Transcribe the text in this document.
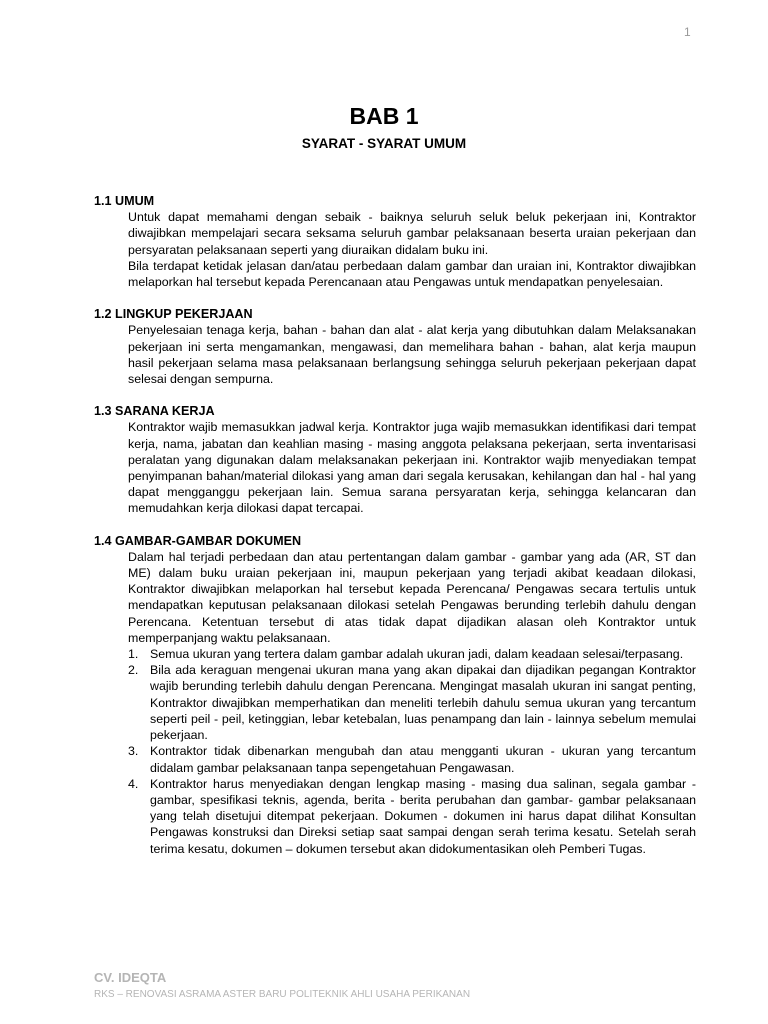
1
BAB 1
SYARAT - SYARAT UMUM
1.1 UMUM

Untuk dapat memahami dengan sebaik - baiknya seluruh seluk beluk pekerjaan ini, Kontraktor diwajibkan mempelajari secara seksama seluruh gambar pelaksanaan beserta uraian pekerjaan dan persyaratan pelaksanaan seperti yang diuraikan didalam buku ini.

Bila terdapat ketidak jelasan dan/atau perbedaan dalam gambar dan uraian ini, Kontraktor diwajibkan melaporkan hal tersebut kepada Perencanaan atau Pengawas untuk mendapatkan penyelesaian.

1.2 LINGKUP PEKERJAAN

Penyelesaian tenaga kerja, bahan - bahan dan alat - alat kerja yang dibutuhkan dalam Melaksanakan pekerjaan ini serta mengamankan, mengawasi, dan memelihara bahan - bahan, alat kerja maupun hasil pekerjaan selama masa pelaksanaan berlangsung sehingga seluruh pekerjaan pekerjaan dapat selesai dengan sempurna.

1.3 SARANA KERJA

Kontraktor wajib memasukkan jadwal kerja. Kontraktor juga wajib memasukkan identifikasi dari tempat kerja, nama, jabatan dan keahlian masing - masing anggota pelaksana pekerjaan, serta inventarisasi peralatan yang digunakan dalam melaksanakan pekerjaan ini. Kontraktor wajib menyediakan tempat penyimpanan bahan/material dilokasi yang aman dari segala kerusakan, kehilangan dan hal - hal yang dapat mengganggu pekerjaan lain. Semua sarana persyaratan kerja, sehingga kelancaran dan memudahkan kerja dilokasi dapat tercapai.

1.4 GAMBAR-GAMBAR DOKUMEN

Dalam hal terjadi perbedaan dan atau pertentangan dalam gambar - gambar yang ada (AR, ST dan ME) dalam buku uraian pekerjaan ini, maupun pekerjaan yang terjadi akibat keadaan dilokasi, Kontraktor diwajibkan melaporkan hal tersebut kepada Perencana/ Pengawas secara tertulis untuk mendapatkan keputusan pelaksanaan dilokasi setelah Pengawas berunding terlebih dahulu dengan Perencana. Ketentuan tersebut di atas tidak dapat dijadikan alasan oleh Kontraktor untuk memperpanjang waktu pelaksanaan.

1. Semua ukuran yang tertera dalam gambar adalah ukuran jadi, dalam keadaan selesai/terpasang.
2. Bila ada keraguan mengenai ukuran mana yang akan dipakai dan dijadikan pegangan Kontraktor wajib berunding terlebih dahulu dengan Perencana. Mengingat masalah ukuran ini sangat penting, Kontraktor diwajibkan memperhatikan dan meneliti terlebih dahulu semua ukuran yang tercantum seperti peil - peil, ketinggian, lebar ketebalan, luas penampang dan lain - lainnya sebelum memulai pekerjaan.
3. Kontraktor tidak dibenarkan mengubah dan atau mengganti ukuran - ukuran yang tercantum didalam gambar pelaksanaan tanpa sepengetahuan Pengawasan.
4. Kontraktor harus menyediakan dengan lengkap masing - masing dua salinan, segala gambar - gambar, spesifikasi teknis, agenda, berita - berita perubahan dan gambar- gambar pelaksanaan yang telah disetujui ditempat pekerjaan. Dokumen - dokumen ini harus dapat dilihat Konsultan Pengawas konstruksi dan Direksi setiap saat sampai dengan serah terima kesatu. Setelah serah terima kesatu, dokumen – dokumen tersebut akan didokumentasikan oleh Pemberi Tugas.
CV. IDEQTA
RKS – RENOVASI ASRAMA ASTER BARU POLITEKNIK AHLI USAHA PERIKANAN
